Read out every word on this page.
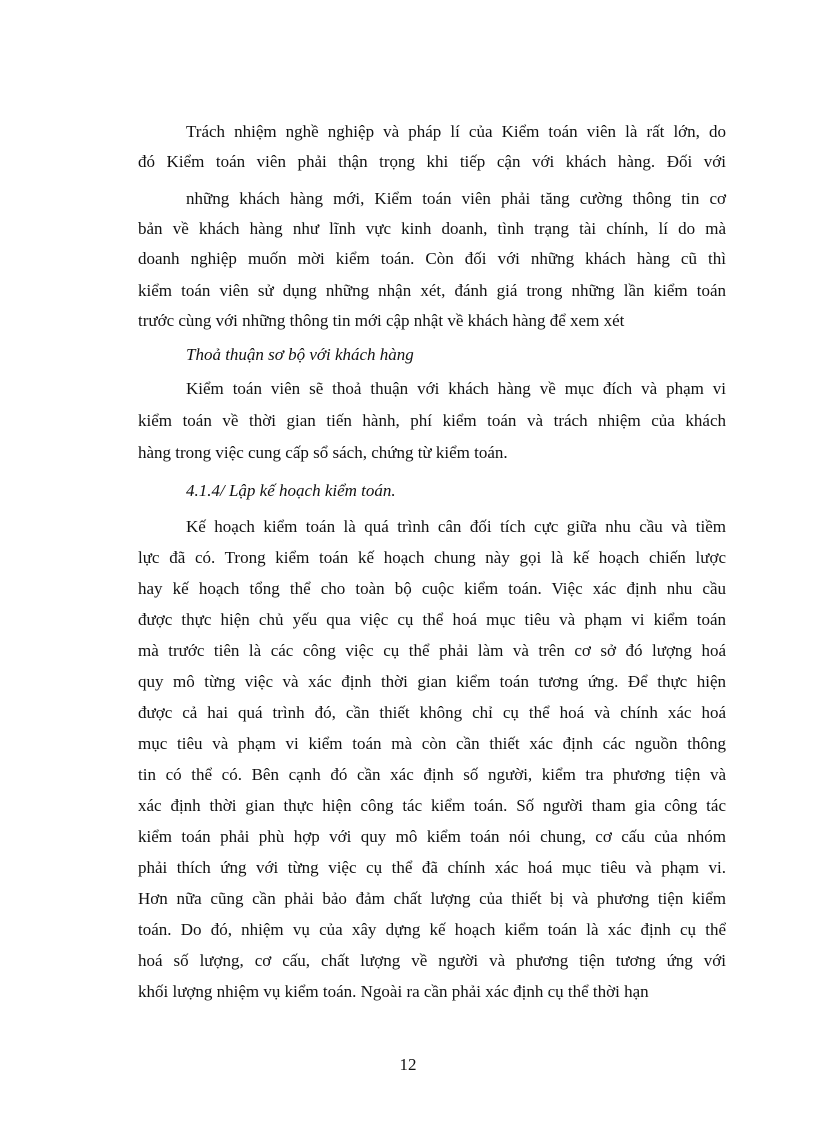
Trách nhiệm nghề nghiệp và pháp lí của Kiểm toán viên là rất lớn, do
đó Kiểm toán viên phải thận trọng khi tiếp cận với khách hàng. Đối với
những khách hàng mới, Kiểm toán viên phải tăng cường thông tin cơ
bản về khách hàng như lĩnh vực kinh doanh, tình trạng tài chính, lí do mà
doanh nghiệp muốn mời kiểm toán. Còn đối với những khách hàng cũ thì
kiểm toán viên sử dụng những nhận xét, đánh giá trong những lần kiểm toán
trước cùng với những thông tin mới cập nhật về khách hàng để xem xét
Thoả thuận sơ bộ với khách hàng
Kiểm toán viên sẽ thoả thuận với khách hàng về mục đích và phạm vi
kiểm toán về thời gian tiến hành, phí kiểm toán và trách nhiệm của khách
hàng trong việc cung cấp sổ sách, chứng từ kiểm toán.
4.1.4/ Lập kế hoạch kiểm toán.
Kế hoạch kiểm toán là quá trình cân đối tích cực giữa nhu cầu và tiềm
lực đã có. Trong kiểm toán kế hoạch chung này gọi là kế hoạch chiến lược
hay kế hoạch tổng thể cho toàn bộ cuộc kiểm toán. Việc xác định nhu cầu
được thực hiện chủ yếu qua việc cụ thể hoá mục tiêu và phạm vi kiểm toán
mà trước tiên là các công việc cụ thể phải làm và trên cơ sở đó lượng hoá
quy mô từng việc và xác định thời gian kiểm toán tương ứng. Để thực hiện
được cả hai quá trình đó, cần thiết không chỉ cụ thể hoá và chính xác hoá
mục tiêu và phạm vi kiểm toán mà còn cần thiết xác định các nguồn thông
tin có thể có. Bên cạnh đó cần xác định số người, kiểm tra phương tiện và
xác định thời gian thực hiện công tác kiểm toán. Số người tham gia công tác
kiểm toán phải phù hợp với quy mô kiểm toán nói chung, cơ cấu của nhóm
phải thích ứng với từng việc cụ thể đã chính xác hoá mục tiêu và phạm vi.
Hơn nữa cũng cần phải bảo đảm chất lượng của thiết bị và phương tiện kiểm
toán. Do đó, nhiệm vụ của xây dựng kế hoạch kiểm toán là xác định cụ thể
hoá số lượng, cơ cấu, chất lượng về người và phương tiện tương ứng với
khối lượng nhiệm vụ kiểm toán. Ngoài ra cần phải xác định cụ thể thời hạn
12
